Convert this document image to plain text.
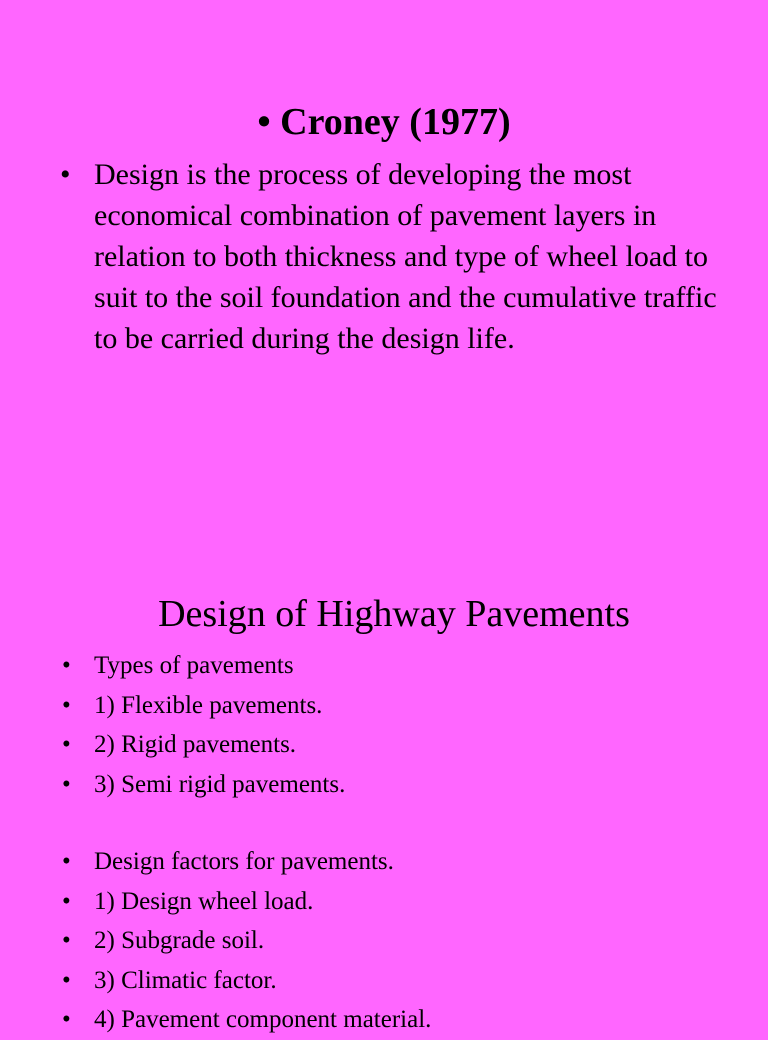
• Croney (1977)
• Design is the process of developing the most economical combination of pavement layers in relation to both thickness and type of wheel load to suit to the soil foundation and the cumulative traffic to be carried during the design life.
Design of Highway Pavements
• Types of pavements
• 1) Flexible pavements.
• 2) Rigid pavements.
• 3) Semi rigid pavements.
• Design factors for pavements.
• 1) Design wheel load.
• 2) Subgrade soil.
• 3) Climatic factor.
• 4) Pavement component material.
